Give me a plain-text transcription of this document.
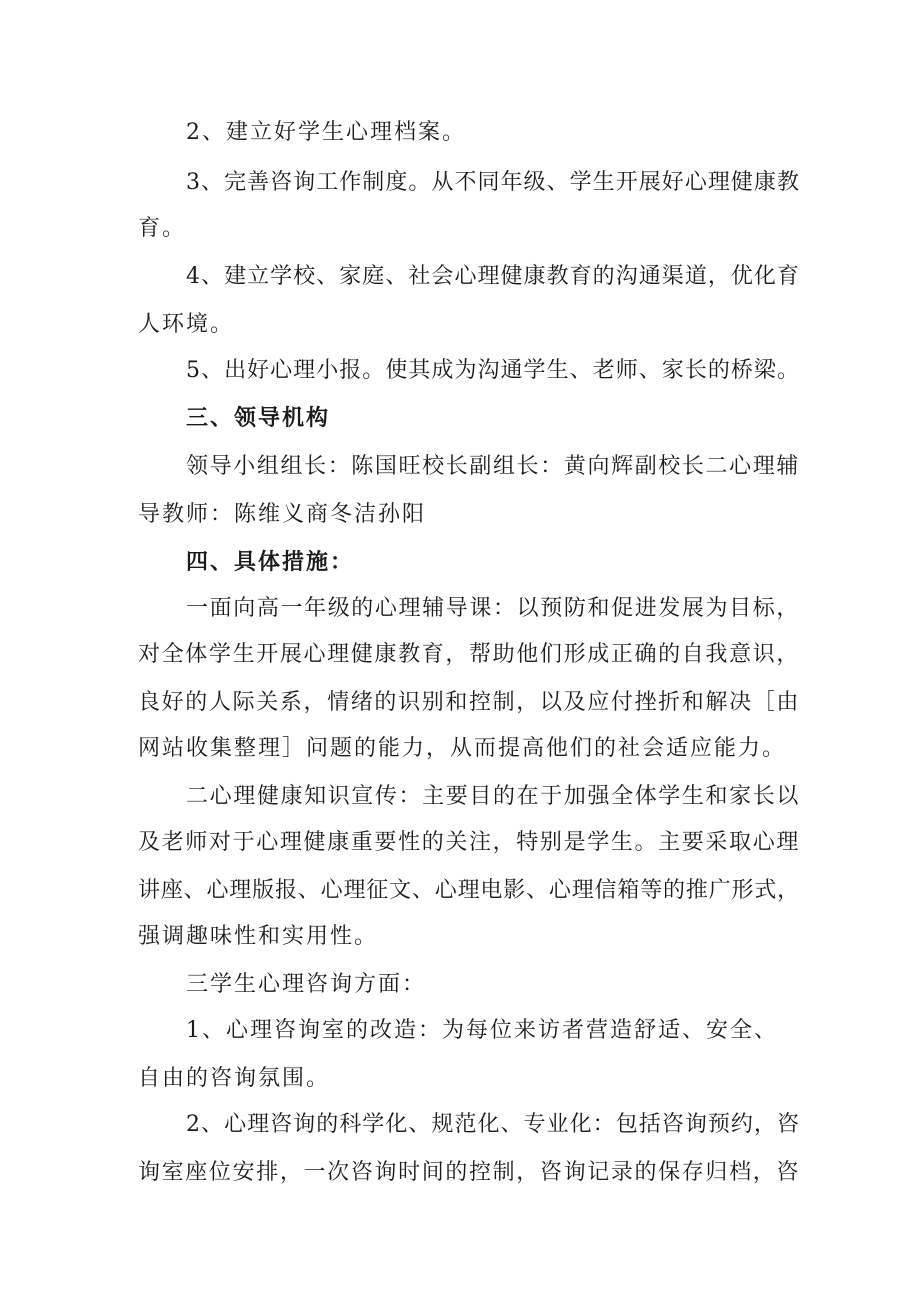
2、建立好学生心理档案。
3、完善咨询工作制度。从不同年级、学生开展好心理健康教
育。
4、建立学校、家庭、社会心理健康教育的沟通渠道，优化育
人环境。
5、出好心理小报。使其成为沟通学生、老师、家长的桥梁。
三、领导机构
领导小组组长：陈国旺校长副组长：黄向辉副校长二心理辅
导教师：陈维义商冬洁孙阳
四、具体措施：
一面向高一年级的心理辅导课：以预防和促进发展为目标，
对全体学生开展心理健康教育，帮助他们形成正确的自我意识，
良好的人际关系，情绪的识别和控制，以及应付挫折和解决［由
网站收集整理］问题的能力，从而提高他们的社会适应能力。
二心理健康知识宣传：主要目的在于加强全体学生和家长以
及老师对于心理健康重要性的关注，特别是学生。主要采取心理
讲座、心理版报、心理征文、心理电影、心理信箱等的推广形式，
强调趣味性和实用性。
三学生心理咨询方面：
1、心理咨询室的改造：为每位来访者营造舒适、安全、
自由的咨询氛围。
2、心理咨询的科学化、规范化、专业化：包括咨询预约，咨
询室座位安排，一次咨询时间的控制，咨询记录的保存归档，咨
